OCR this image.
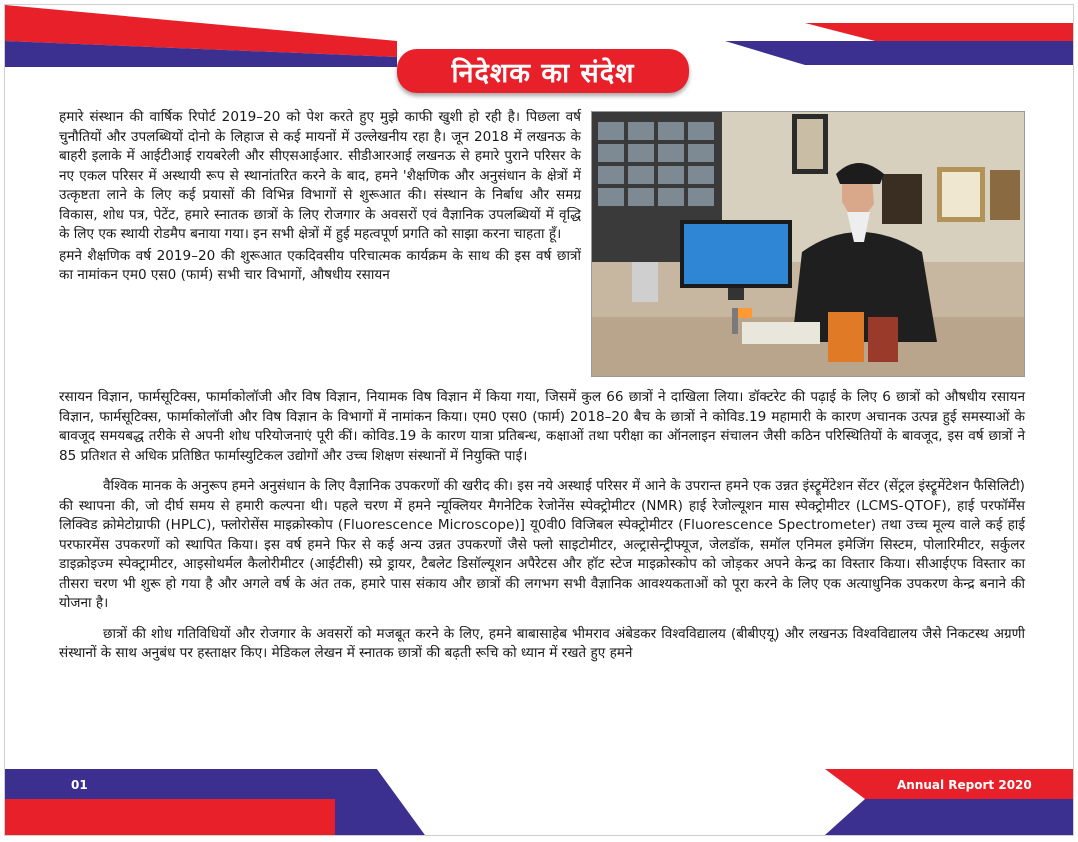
निदेशक का संदेश

हमारे संस्थान की वार्षिक रिपोर्ट 2019–20 को पेश करते हुए मुझे काफी खुशी हो रही है। पिछला वर्ष चुनौतियों और उपलब्धियों दोनो के लिहाज से कई मायनों में उल्लेखनीय रहा है। जून 2018 में लखनऊ के बाहरी इलाके में आईटीआई रायबरेली और सीएसआईआर. सीडीआरआई लखनऊ से हमारे पुराने परिसर के नए एकल परिसर में अस्थायी रूप से स्थानांतरित करने के बाद, हमने 'शैक्षणिक और अनुसंधान के क्षेत्रों में उत्कृष्टता लाने के लिए कई प्रयासों की विभिन्न विभागों से शुरूआत की। संस्थान के निर्बाध और समग्र विकास, शोध पत्र, पेटेंट, हमारे स्नातक छात्रों के लिए रोजगार के अवसरों एवं वैज्ञानिक उपलब्धियों में वृद्धि के लिए एक स्थायी रोडमैप बनाया गया। इन सभी क्षेत्रों में हुई महत्वपूर्ण प्रगति को साझा करना चाहता हूँ।

हमने शैक्षणिक वर्ष 2019–20 की शुरूआत एकदिवसीय परिचात्मक कार्यक्रम के साथ की इस वर्ष छात्रों का नामांकन एम0 एस0 (फार्म) सभी चार विभागों, औषधीय रसायन

रसायन विज्ञान, फार्मसूटिक्स, फार्माकोलॉजी और विष विज्ञान, नियामक विष विज्ञान में किया गया, जिसमें कुल 66 छात्रों ने दाखिला लिया। डॉक्टरेट की पढ़ाई के लिए 6 छात्रों को औषधीय रसायन विज्ञान, फार्मसूटिक्स, फार्माकोलॉजी और विष विज्ञान के विभागों में नामांकन किया। एम0 एस0 (फार्म) 2018–20 बैच के छात्रों ने कोविड.19 महामारी के कारण अचानक उत्पन्न हुई समस्याओं के बावजूद समयबद्ध तरीके से अपनी शोध परियोजनाएं पूरी कीं। कोविड.19 के कारण यात्रा प्रतिबन्ध, कक्षाओं तथा परीक्षा का ऑनलाइन संचालन जैसी कठिन परिस्थितियों के बावजूद, इस वर्ष छात्रों ने 85 प्रतिशत से अधिक प्रतिष्ठित फार्मास्युटिकल उद्योगों और उच्च शिक्षण संस्थानों में नियुक्ति पाई।

वैश्विक मानक के अनुरूप हमने अनुसंधान के लिए वैज्ञानिक उपकरणों की खरीद की। इस नये अस्थाई परिसर में आने के उपरान्त हमने एक उन्नत इंस्ट्रूमेंटेशन सेंटर (सेंट्रल इंस्ट्रूमेंटेशन फैसिलिटी) की स्थापना की, जो दीर्घ समय से हमारी कल्पना थी। पहले चरण में हमने न्यूक्लियर मैगनेटिक रेजोनेंस स्पेक्ट्रोमीटर (NMR) हाई रेजोल्यूशन मास स्पेक्ट्रोमीटर (LCMS-QTOF), हाई परफॉर्मेंस लिक्विड क्रोमेटोग्राफी (HPLC), फ्लोरोसेंस माइक्रोस्कोप (Fluorescence Microscope)] यू0वी0 विजिबल स्पेक्ट्रोमीटर (Fluorescence Spectrometer) तथा उच्च मूल्य वाले कई हाई परफारमेंस उपकरणों को स्थापित किया। इस वर्ष हमने फिर से कई अन्य उन्नत उपकरणों जैसे फ्लो साइटोमीटर, अल्ट्रासेन्ट्रीफ्यूज, जेलडॉक, समॉल एनिमल इमेजिंग सिस्टम, पोलारिमीटर, सर्कुलर डाइक्रोइज्म स्पेक्ट्रामीटर, आइसोथर्मल कैलोरीमीटर (आईटीसी) स्प्रे ड्रायर, टैबलेट डिसॉल्यूशन अपैरेटस और हॉट स्टेज माइक्रोस्कोप को जोड़कर अपने केन्द्र का विस्तार किया। सीआईएफ विस्तार का तीसरा चरण भी शुरू हो गया है और अगले वर्ष के अंत तक, हमारे पास संकाय और छात्रों की लगभग सभी वैज्ञानिक आवश्यकताओं को पूरा करने के लिए एक अत्याधुनिक उपकरण केन्द्र बनाने की योजना है।

छात्रों की शोध गतिविधियों और रोजगार के अवसरों को मजबूत करने के लिए, हमने बाबासाहेब भीमराव अंबेडकर विश्वविद्यालय (बीबीएयू) और लखनऊ विश्वविद्यालय जैसे निकटस्थ अग्रणी संस्थानों के साथ अनुबंध पर हस्ताक्षर किए। मेडिकल लेखन में स्नातक छात्रों की बढ़ती रूचि को ध्यान में रखते हुए हमने

01	Annual Report 2020
